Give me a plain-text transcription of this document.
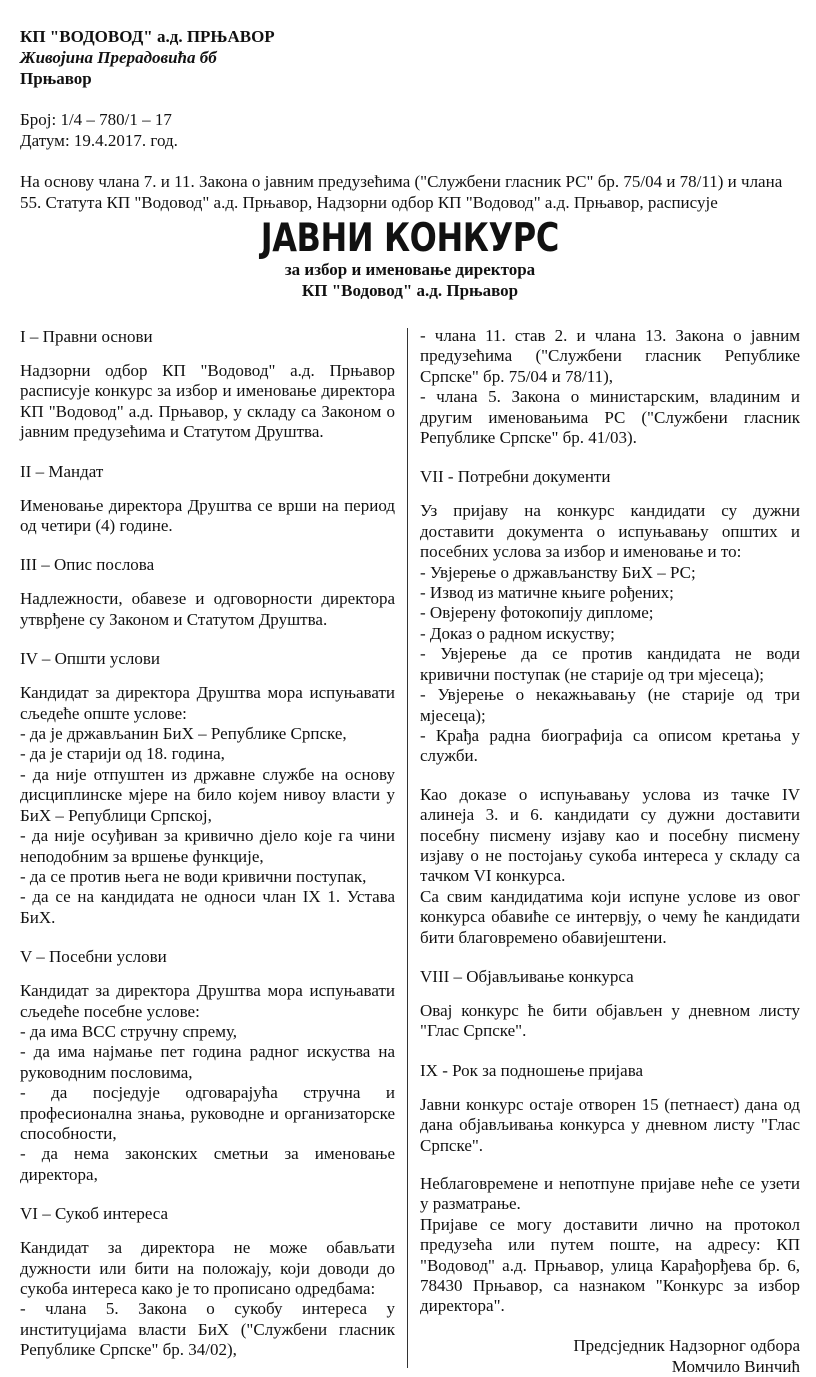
КП "ВОДОВОД" а.д. ПРЊАВОР
Живојина Прерадовића бб
Прњавор
Број: 1/4 – 780/1 – 17
Датум: 19.4.2017. год.
На основу члана 7. и 11. Закона о јавним предузећима ("Службени гласник РС" бр. 75/04 и 78/11) и члана 55. Статута КП "Водовод" а.д. Прњавор, Надзорни одбор КП "Водовод" а.д. Прњавор, расписује
ЈАВНИ КОНКУРС
за избор и именовање директора
КП "Водовод" а.д. Прњавор
I – Правни основи
Надзорни одбор КП "Водовод" а.д. Прњавор расписује конкурс за избор и именовање директора КП "Водовод" а.д. Прњавор, у складу са Законом о јавним предузећима и Статутом Друштва.
II – Мандат
Именовање директора Друштва се врши на период од четири (4) године.
III – Опис послова
Надлежности, обавезе и одговорности директора утврђене су Законом и Статутом Друштва.
IV – Општи услови
Кандидат за директора Друштва мора испуњавати сљедеће опште услове:
- да је држављанин БиХ – Републике Српске,
- да је старији од 18. година,
- да није отпуштен из државне службе на основу дисциплинске мјере на било којем нивоу власти у БиХ – Републици Српској,
- да није осуђиван за кривично дјело које га чини неподобним за вршење функције,
- да се против њега не води кривични поступак,
- да се на кандидата не односи члан IX 1. Устава БиХ.
V – Посебни услови
Кандидат за директора Друштва мора испуњавати сљедеће посебне услове:
- да има ВСС стручну спрему,
- да има најмање пет година радног искуства на руководним пословима,
- да посједује одговарајућа стручна и професионална знања, руководне и организаторске способности,
- да нема законских сметњи за именовање директора,
VI – Сукоб интереса
Кандидат за директора не може обављати дужности или бити на положају, који доводи до сукоба интереса како је то прописано одредбама:
- члана 5. Закона о сукобу интереса у институцијама власти БиХ ("Службени гласник Републике Српске" бр. 34/02),
- члана 11. став 2. и члана 13. Закона о јавним предузећима ("Службени гласник Републике Српске" бр. 75/04 и 78/11),
- члана 5. Закона о министарским, владиним и другим именовањима РС ("Службени гласник Републике Српске" бр. 41/03).
VII - Потребни документи
Уз пријаву на конкурс кандидати су дужни доставити документа о испуњавању општих и посебних услова за избор и именовање и то:
- Увјерење о држављанству БиХ – РС;
- Извод из матичне књиге рођених;
- Овјерену фотокопију дипломе;
- Доказ о радном искуству;
- Увјерење да се против кандидата не води кривични поступак (не старије од три мјесеца);
- Увјерење о некажњавању (не старије од три мјесеца);
- Крађа радна биографија са описом кретања у служби.
Као доказе о испуњавању услова из тачке IV алинеја 3. и 6. кандидати су дужни доставити посебну писмену изјаву као и посебну писмену изјаву о не постојању сукоба интереса у складу са тачком VI конкурса.
Са свим кандидатима који испуне услове из овог конкурса обавиће се интервју, о чему ће кандидати бити благовремено обавијештени.
VIII – Објављивање конкурса
Овај конкурс ће бити објављен у дневном листу "Глас Српске".
IX - Рок за подношење пријава
Јавни конкурс остаје отворен 15 (петнаест) дана од дана објављивања конкурса у дневном листу "Глас Српске".
Неблаговремене и непотпуне пријаве неће се узети у разматрање.
Пријаве се могу доставити лично на протокол предузећа или путем поште, на адресу: КП "Водовод" а.д. Прњавор, улица Карађорђева бр. 6, 78430 Прњавор, са назнаком "Конкурс за избор директора".
Предсједник Надзорног одбора
Момчило Винчић
